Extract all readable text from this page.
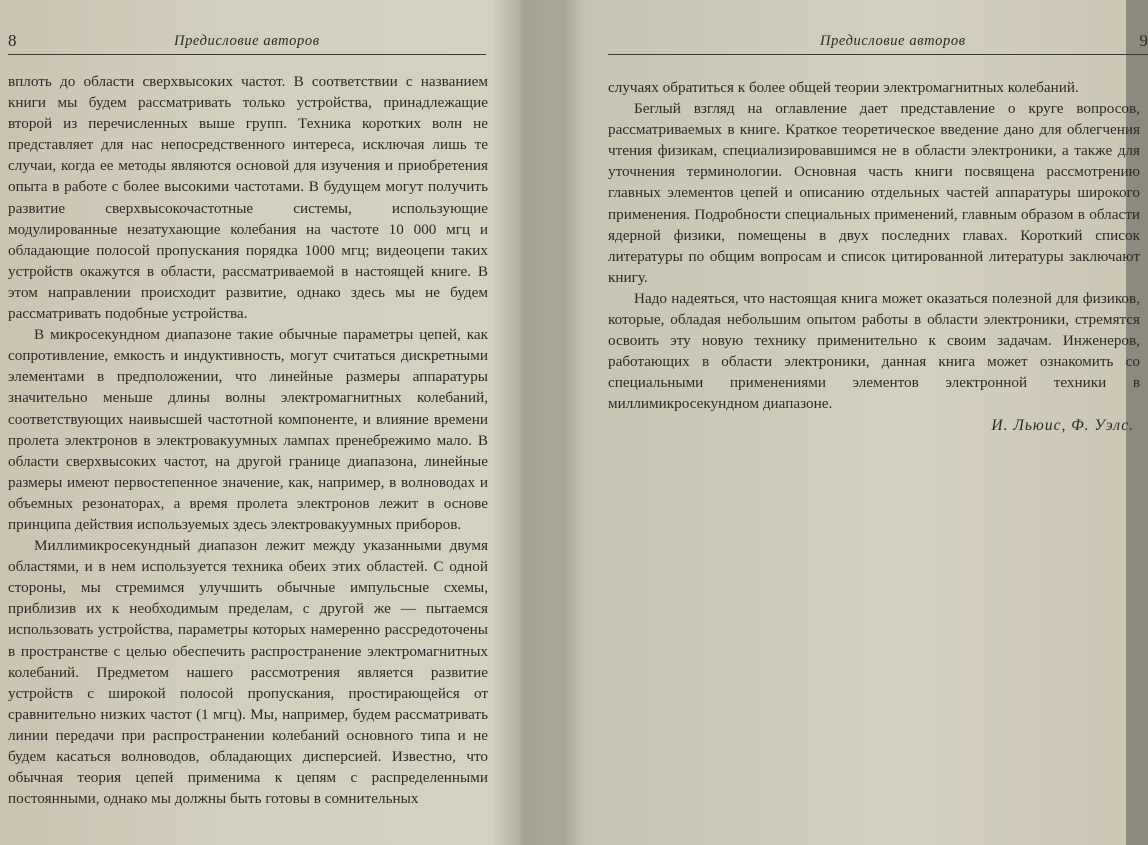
8	Предисловие авторов

вплоть до области сверхвысоких частот. В соответствии с названием книги мы будем рассматривать только устройства, принадлежащие второй из перечисленных выше групп. Техника коротких волн не представляет для нас непосредственного интереса, исключая лишь те случаи, когда ее методы являются основой для изучения и приобретения опыта в работе с более высокими частотами. В будущем могут получить развитие сверхвысокочастотные системы, использующие модулированные незатухающие колебания на частоте 10 000 мгц и обладающие полосой пропускания порядка 1000 мгц; видеоцепи таких устройств окажутся в области, рассматриваемой в настоящей книге. В этом направлении происходит развитие, однако здесь мы не будем рассматривать подобные устройства.

В микросекундном диапазоне такие обычные параметры цепей, как сопротивление, емкость и индуктивность, могут считаться дискретными элементами в предположении, что линейные размеры аппаратуры значительно меньше длины волны электромагнитных колебаний, соответствующих наивысшей частотной компоненте, и влияние времени пролета электронов в электровакуумных лампах пренебрежимо мало. В области сверхвысоких частот, на другой границе диапазона, линейные размеры имеют первостепенное значение, как, например, в волноводах и объемных резонаторах, а время пролета электронов лежит в основе принципа действия используемых здесь электровакуумных приборов.

Миллимикросекундный диапазон лежит между указанными двумя областями, и в нем используется техника обеих этих областей. С одной стороны, мы стремимся улучшить обычные импульсные схемы, приблизив их к необходимым пределам, с другой же — пытаемся использовать устройства, параметры которых намеренно рассредоточены в пространстве с целью обеспечить распространение электромагнитных колебаний. Предметом нашего рассмотрения является развитие устройств с широкой полосой пропускания, простирающейся от сравнительно низких частот (1 мгц). Мы, например, будем рассматривать линии передачи при распространении колебаний основного типа и не будем касаться волноводов, обладающих дисперсией. Известно, что обычная теория цепей применима к цепям с распределенными постоянными, однако мы должны быть готовы в сомнительных

Предисловие авторов	9

случаях обратиться к более общей теории электромагнитных колебаний.

Беглый взгляд на оглавление дает представление о круге вопросов, рассматриваемых в книге. Краткое теоретическое введение дано для облегчения чтения физикам, специализировавшимся не в области электроники, а также для уточнения терминологии. Основная часть книги посвящена рассмотрению главных элементов цепей и описанию отдельных частей аппаратуры широкого применения. Подробности специальных применений, главным образом в области ядерной физики, помещены в двух последних главах. Короткий список литературы по общим вопросам и список цитированной литературы заключают книгу.

Надо надеяться, что настоящая книга может оказаться полезной для физиков, которые, обладая небольшим опытом работы в области электроники, стремятся освоить эту новую технику применительно к своим задачам. Инженеров, работающих в области электроники, данная книга может ознакомить со специальными применениями элементов электронной техники в миллимикросекундном диапазоне.

И. Льюис, Ф. Уэлс.
